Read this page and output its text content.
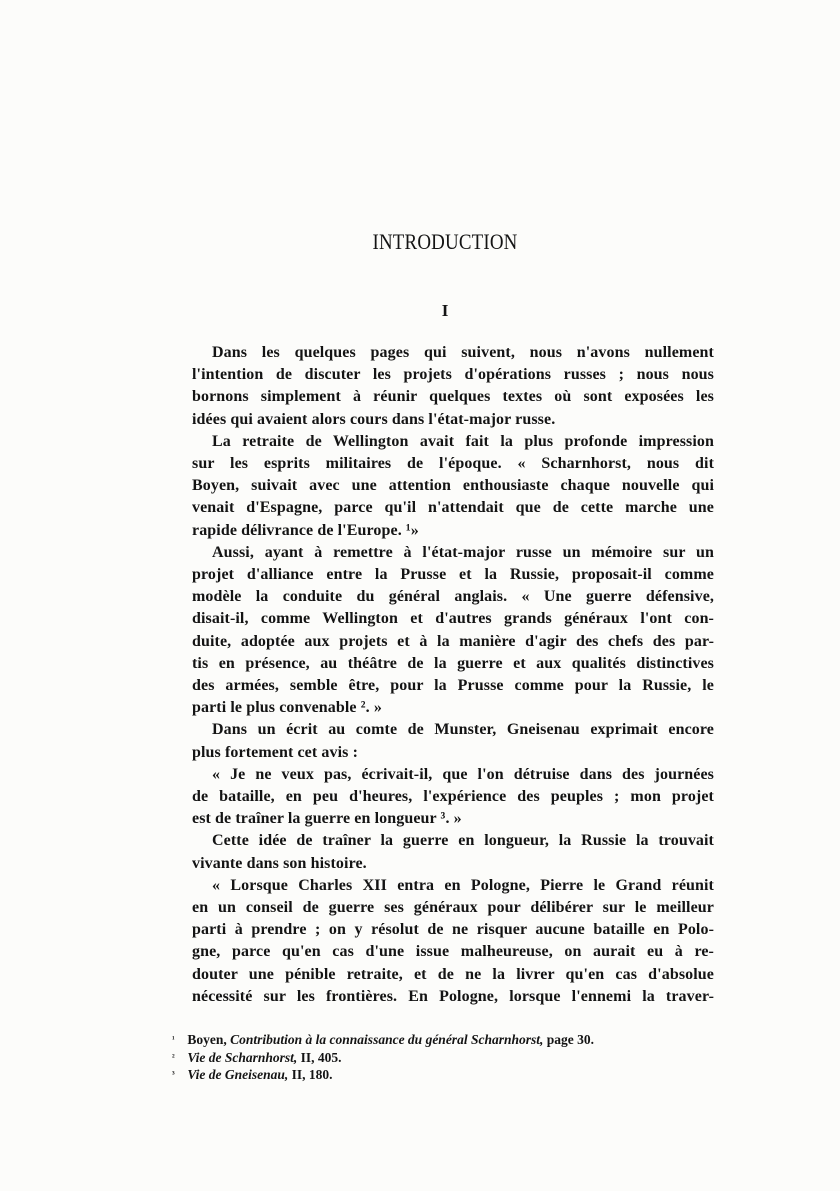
INTRODUCTION
I
Dans les quelques pages qui suivent, nous n'avons nullement
l'intention de discuter les projets d'opérations russes ; nous nous
bornons simplement à réunir quelques textes où sont exposées les
idées qui avaient alors cours dans l'état-major russe.
La retraite de Wellington avait fait la plus profonde impression
sur les esprits militaires de l'époque. « Scharnhorst, nous dit
Boyen, suivait avec une attention enthousiaste chaque nouvelle qui
venait d'Espagne, parce qu'il n'attendait que de cette marche une
rapide délivrance de l'Europe. ¹»
Aussi, ayant à remettre à l'état-major russe un mémoire sur un
projet d'alliance entre la Prusse et la Russie, proposait-il comme
modèle la conduite du général anglais. « Une guerre défensive,
disait-il, comme Wellington et d'autres grands généraux l'ont con-
duite, adoptée aux projets et à la manière d'agir des chefs des par-
tis en présence, au théâtre de la guerre et aux qualités distinctives
des armées, semble être, pour la Prusse comme pour la Russie, le
parti le plus convenable ². »
Dans un écrit au comte de Munster, Gneisenau exprimait encore
plus fortement cet avis :
« Je ne veux pas, écrivait-il, que l'on détruise dans des journées
de bataille, en peu d'heures, l'expérience des peuples ; mon projet
est de traîner la guerre en longueur ³. »
Cette idée de traîner la guerre en longueur, la Russie la trouvait
vivante dans son histoire.
« Lorsque Charles XII entra en Pologne, Pierre le Grand réunit
en un conseil de guerre ses généraux pour délibérer sur le meilleur
parti à prendre ; on y résolut de ne risquer aucune bataille en Polo-
gne, parce qu'en cas d'une issue malheureuse, on aurait eu à re-
douter une pénible retraite, et de ne la livrer qu'en cas d'absolue
nécessité sur les frontières. En Pologne, lorsque l'ennemi la traver-
¹ Boyen, Contribution à la connaissance du général Scharnhorst, page 30.
² Vie de Scharnhorst, II, 405.
³ Vie de Gneisenau, II, 180.
